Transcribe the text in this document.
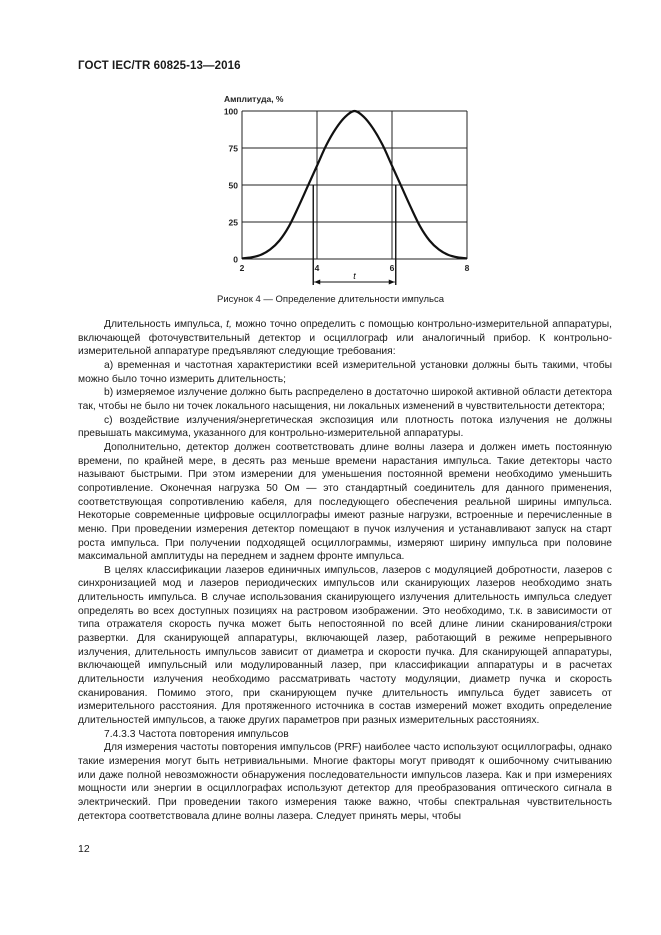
ГОСТ IEC/TR 60825-13—2016
0
25
50
75
100
2	4	6	8
Амплитуда, %
t
Рисунок 4 — Определение длительности импульса

Длительность импульса, t, можно точно определить с помощью контрольно-измерительной аппаратуры, включающей фоточувствительный детектор и осциллограф или аналогичный прибор. К контрольно-измерительной аппаратуре предъявляют следующие требования:

a) временная и частотная характеристики всей измерительной установки должны быть такими, чтобы можно было точно измерить длительность;

b) измеряемое излучение должно быть распределено в достаточно широкой активной области детектора так, чтобы не было ни точек локального насыщения, ни локальных изменений в чувствительности детектора;

c) воздействие излучения/энергетическая экспозиция или плотность потока излучения не должны превышать максимума, указанного для контрольно-измерительной аппаратуры.

Дополнительно, детектор должен соответствовать длине волны лазера и должен иметь постоянную времени, по крайней мере, в десять раз меньше времени нарастания импульса. Такие детекторы часто называют быстрыми. При этом измерении для уменьшения постоянной времени необходимо уменьшить сопротивление. Оконечная нагрузка 50 Ом — это стандартный соединитель для данного применения, соответствующая сопротивлению кабеля, для последующего обеспечения реальной ширины импульса. Некоторые современные цифровые осциллографы имеют разные нагрузки, встроенные и перечисленные в меню. При проведении измерения детектор помещают в пучок излучения и устанавливают запуск на старт роста импульса. При получении подходящей осциллограммы, измеряют ширину импульса при половине максимальной амплитуды на переднем и заднем фронте импульса.

В целях классификации лазеров единичных импульсов, лазеров с модуляцией добротности, лазеров с синхронизацией мод и лазеров периодических импульсов или сканирующих лазеров необходимо знать длительность импульса. В случае использования сканирующего излучения длительность импульса следует определять во всех доступных позициях на растровом изображении. Это необходимо, т.к. в зависимости от типа отражателя скорость пучка может быть непостоянной по всей длине линии сканирования/строки развертки. Для сканирующей аппаратуры, включающей лазер, работающий в режиме непрерывного излучения, длительность импульсов зависит от диаметра и скорости пучка. Для сканирующей аппаратуры, включающей импульсный или модулированный лазер, при классификации аппаратуры и в расчетах длительности излучения необходимо рассматривать частоту модуляции, диаметр пучка и скорость сканирования. Помимо этого, при сканирующем пучке длительность импульса будет зависеть от измерительного расстояния. Для протяженного источника в состав измерений может входить определение длительностей импульсов, а также других параметров при разных измерительных расстояниях.

7.4.3.3 Частота повторения импульсов

Для измерения частоты повторения импульсов (PRF) наиболее часто используют осциллографы, однако такие измерения могут быть нетривиальными. Многие факторы могут приводят к ошибочному считыванию или даже полной невозможности обнаружения последовательности импульсов лазера. Как и при измерениях мощности или энергии в осциллографах используют детектор для преобразования оптического сигнала в электрический. При проведении такого измерения также важно, чтобы спектральная чувствительность детектора соответствовала длине волны лазера. Следует принять меры, чтобы

12
